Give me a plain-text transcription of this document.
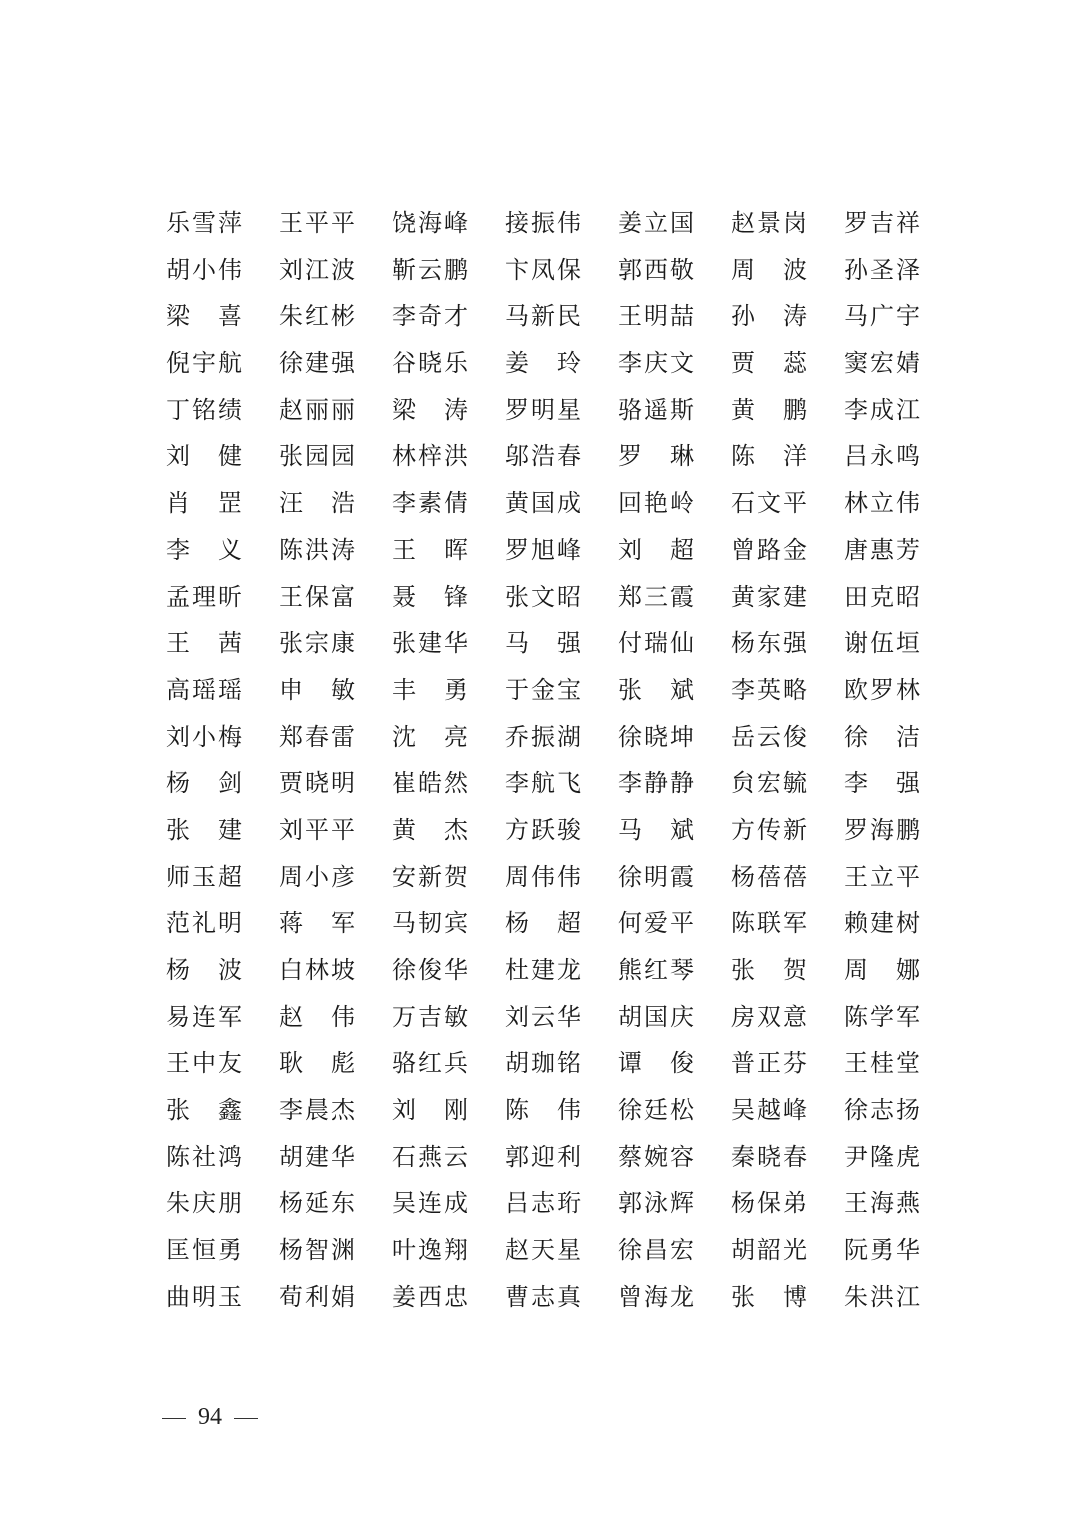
乐雪萍	王平平	饶海峰	接振伟	姜立国	赵景岗	罗吉祥
胡小伟	刘江波	靳云鹏	卞凤保	郭西敬	周 波	孙圣泽
梁 喜	朱红彬	李奇才	马新民	王明喆	孙 涛	马广宇
倪宇航	徐建强	谷晓乐	姜 玲	李庆文	贾 蕊	窦宏婧
丁铭绩	赵丽丽	梁 涛	罗明星	骆遥斯	黄 鹏	李成江
刘 健	张园园	林梓洪	邬浩春	罗 琳	陈 洋	吕永鸣
肖 罡	汪 浩	李素倩	黄国成	回艳岭	石文平	林立伟
李 义	陈洪涛	王 晖	罗旭峰	刘 超	曾路金	唐惠芳
孟理昕	王保富	聂 锋	张文昭	郑三霞	黄家建	田克昭
王 茜	张宗康	张建华	马 强	付瑞仙	杨东强	谢伍垣
高瑶瑶	申 敏	丰 勇	于金宝	张 斌	李英略	欧罗林
刘小梅	郑春雷	沈 亮	乔振湖	徐晓坤	岳云俊	徐 洁
杨 剑	贾晓明	崔皓然	李航飞	李静静	贠宏毓	李 强
张 建	刘平平	黄 杰	方跃骏	马 斌	方传新	罗海鹏
师玉超	周小彦	安新贺	周伟伟	徐明霞	杨蓓蓓	王立平
范礼明	蒋 军	马韧宾	杨 超	何爱平	陈联军	赖建树
杨 波	白林坡	徐俊华	杜建龙	熊红琴	张 贺	周 娜
易连军	赵 伟	万吉敏	刘云华	胡国庆	房双意	陈学军
王中友	耿 彪	骆红兵	胡珈铭	谭 俊	普正芬	王桂堂
张 鑫	李晨杰	刘 刚	陈 伟	徐廷松	吴越峰	徐志扬
陈社鸿	胡建华	石燕云	郭迎利	蔡婉容	秦晓春	尹隆虎
朱庆朋	杨延东	吴连成	吕志珩	郭泳辉	杨保弟	王海燕
匡恒勇	杨智渊	叶逸翔	赵天星	徐昌宏	胡韶光	阮勇华
曲明玉	荀利娟	姜西忠	曹志真	曾海龙	张 博	朱洪江
94
